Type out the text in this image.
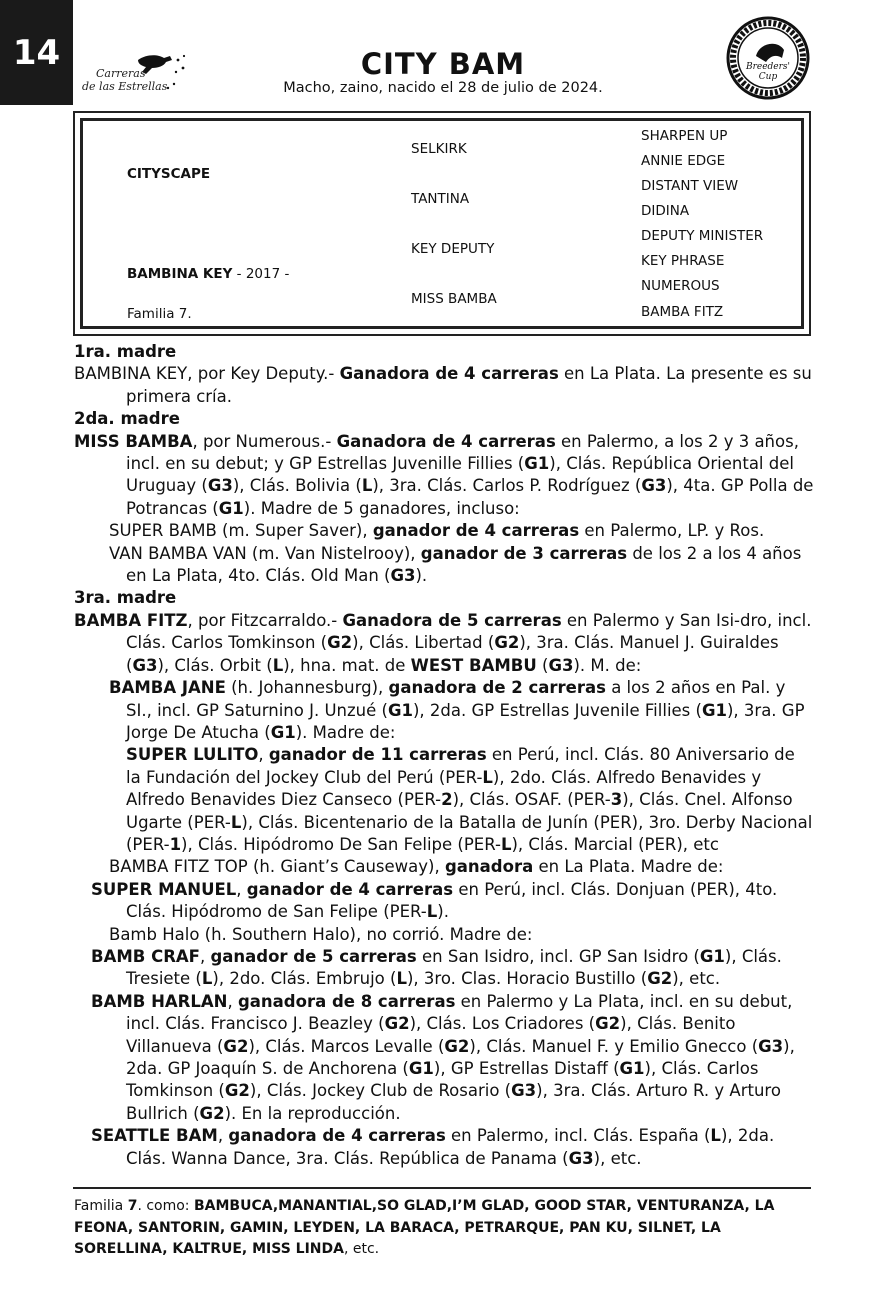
14
Carreras
de las Estrellas
CITY BAM
Macho, zaino, nacido el 28 de julio de 2024.
Breeders' Cup
CITYSCAPE
BAMBINA KEY - 2017 -
Familia 7.
SELKIRK
TANTINA
KEY DEPUTY
MISS BAMBA
SHARPEN UP
ANNIE EDGE
DISTANT VIEW
DIDINA
DEPUTY MINISTER
KEY PHRASE
NUMEROUS
BAMBA FITZ

1ra. madre

BAMBINA KEY, por Key Deputy.- Ganadora de 4 carreras en La Plata. La presente es su primera cría.

2da. madre

MISS BAMBA, por Numerous.- Ganadora de 4 carreras en Palermo, a los 2 y 3 años, incl. en su debut; y GP Estrellas Juvenille Fillies (G1), Clás. República Oriental del Uruguay (G3), Clás. Bolivia (L), 3ra. Clás. Carlos P. Rodríguez (G3), 4ta. GP Polla de Potrancas (G1). Madre de 5 ganadores, incluso:

SUPER BAMB (m. Super Saver), ganador de 4 carreras en Palermo, LP. y Ros.

VAN BAMBA VAN (m. Van Nistelrooy), ganador de 3 carreras de los 2 a los 4 años en La Plata, 4to. Clás. Old Man (G3).

3ra. madre

BAMBA FITZ, por Fitzcarraldo.- Ganadora de 5 carreras en Palermo y San Isi-dro, incl. Clás. Carlos Tomkinson (G2), Clás. Libertad (G2), 3ra. Clás. Manuel J. Guiraldes (G3), Clás. Orbit (L), hna. mat. de WEST BAMBU (G3). M. de:

BAMBA JANE (h. Johannesburg), ganadora de 2 carreras a los 2 años en Pal. y SI., incl. GP Saturnino J. Unzué (G1), 2da. GP Estrellas Juvenile Fillies (G1), 3ra. GP Jorge De Atucha (G1). Madre de:

SUPER LULITO, ganador de 11 carreras en Perú, incl. Clás. 80 Aniversario de la Fundación del Jockey Club del Perú (PER-L), 2do. Clás. Alfredo Benavides y Alfredo Benavides Diez Canseco (PER-2), Clás. OSAF. (PER-3), Clás. Cnel. Alfonso Ugarte (PER-L), Clás. Bicentenario de la Batalla de Junín (PER), 3ro. Derby Nacional (PER-1), Clás. Hipódromo De San Felipe (PER-L), Clás. Marcial (PER), etc

BAMBA FITZ TOP (h. Giant’s Causeway), ganadora en La Plata. Madre de:

SUPER MANUEL, ganador de 4 carreras en Perú, incl. Clás. Donjuan (PER), 4to. Clás. Hipódromo de San Felipe (PER-L).

Bamb Halo (h. Southern Halo), no corrió. Madre de:

BAMB CRAF, ganador de 5 carreras en San Isidro, incl. GP San Isidro (G1), Clás. Tresiete (L), 2do. Clás. Embrujo (L), 3ro. Clas. Horacio Bustillo (G2), etc.

BAMB HARLAN, ganadora de 8 carreras en Palermo y La Plata, incl. en su debut, incl. Clás. Francisco J. Beazley (G2), Clás. Los Criadores (G2), Clás. Benito Villanueva (G2), Clás. Marcos Levalle (G2), Clás. Manuel F. y Emilio Gnecco (G3), 2da. GP Joaquín S. de Anchorena (G1), GP Estrellas Distaff (G1), Clás. Carlos Tomkinson (G2), Clás. Jockey Club de Rosario (G3), 3ra. Clás. Arturo R. y Arturo Bullrich (G2). En la reproducción.

SEATTLE BAM, ganadora de 4 carreras en Palermo, incl. Clás. España (L), 2da. Clás. Wanna Dance, 3ra. Clás. República de Panama (G3), etc.

Familia 7. como: BAMBUCA,MANANTIAL,SO GLAD,I’M GLAD, GOOD STAR, VENTURANZA, LA FEONA, SANTORIN, GAMIN, LEYDEN, LA BARACA, PETRARQUE, PAN KU, SILNET, LA SORELLINA, KALTRUE, MISS LINDA, etc.
